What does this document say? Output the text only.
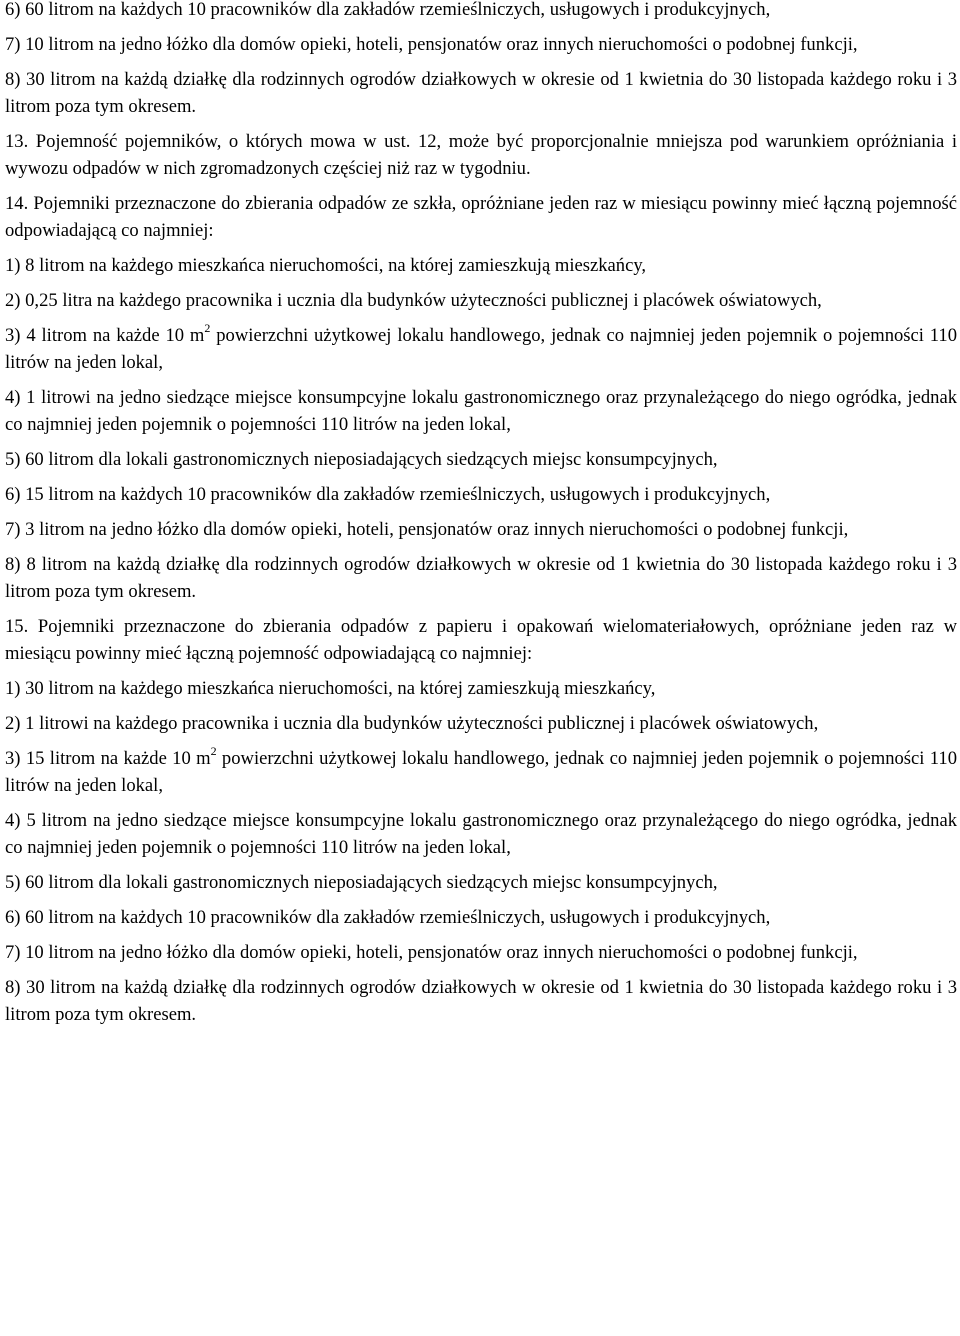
6) 60 litrom na każdych 10 pracowników dla zakładów rzemieślniczych, usługowych i produkcyjnych,

7) 10 litrom na jedno łóżko dla domów opieki, hoteli, pensjonatów oraz innych nieruchomości o podobnej funkcji,

8) 30 litrom na każdą działkę dla rodzinnych ogrodów działkowych w okresie od 1 kwietnia do 30 listopada każdego roku i 3 litrom poza tym okresem.

13. Pojemność pojemników, o których mowa w ust. 12, może być proporcjonalnie mniejsza pod warunkiem opróżniania i wywozu odpadów w nich zgromadzonych częściej niż raz w tygodniu.

14. Pojemniki przeznaczone do zbierania odpadów ze szkła, opróżniane jeden raz w miesiącu powinny mieć łączną pojemność odpowiadającą co najmniej:

1) 8 litrom na każdego mieszkańca nieruchomości, na której zamieszkują mieszkańcy,

2) 0,25 litra na każdego pracownika i ucznia dla budynków użyteczności publicznej i placówek oświatowych,

3) 4 litrom na każde 10 $m^2$ powierzchni użytkowej lokalu handlowego, jednak co najmniej jeden pojemnik o pojemności 110 litrów na jeden lokal,

4) 1 litrowi na jedno siedzące miejsce konsumpcyjne lokalu gastronomicznego oraz przynależącego do niego ogródka, jednak co najmniej jeden pojemnik o pojemności 110 litrów na jeden lokal,

5) 60 litrom dla lokali gastronomicznych nieposiadających siedzących miejsc konsumpcyjnych,

6) 15 litrom na każdych 10 pracowników dla zakładów rzemieślniczych, usługowych i produkcyjnych,

7) 3 litrom na jedno łóżko dla domów opieki, hoteli, pensjonatów oraz innych nieruchomości o podobnej funkcji,

8) 8 litrom na każdą działkę dla rodzinnych ogrodów działkowych w okresie od 1 kwietnia do 30 listopada każdego roku i 3 litrom poza tym okresem.

15. Pojemniki przeznaczone do zbierania odpadów z papieru i opakowań wielomateriałowych, opróżniane jeden raz w miesiącu powinny mieć łączną pojemność odpowiadającą co najmniej:

1) 30 litrom na każdego mieszkańca nieruchomości, na której zamieszkują mieszkańcy,

2) 1 litrowi na każdego pracownika i ucznia dla budynków użyteczności publicznej i placówek oświatowych,

3) 15 litrom na każde 10 $m^2$ powierzchni użytkowej lokalu handlowego, jednak co najmniej jeden pojemnik o pojemności 110 litrów na jeden lokal,

4) 5 litrom na jedno siedzące miejsce konsumpcyjne lokalu gastronomicznego oraz przynależącego do niego ogródka, jednak co najmniej jeden pojemnik o pojemności 110 litrów na jeden lokal,

5) 60 litrom dla lokali gastronomicznych nieposiadających siedzących miejsc konsumpcyjnych,

6) 60 litrom na każdych 10 pracowników dla zakładów rzemieślniczych, usługowych i produkcyjnych,

7) 10 litrom na jedno łóżko dla domów opieki, hoteli, pensjonatów oraz innych nieruchomości o podobnej funkcji,

8) 30 litrom na każdą działkę dla rodzinnych ogrodów działkowych w okresie od 1 kwietnia do 30 listopada każdego roku i 3 litrom poza tym okresem.
